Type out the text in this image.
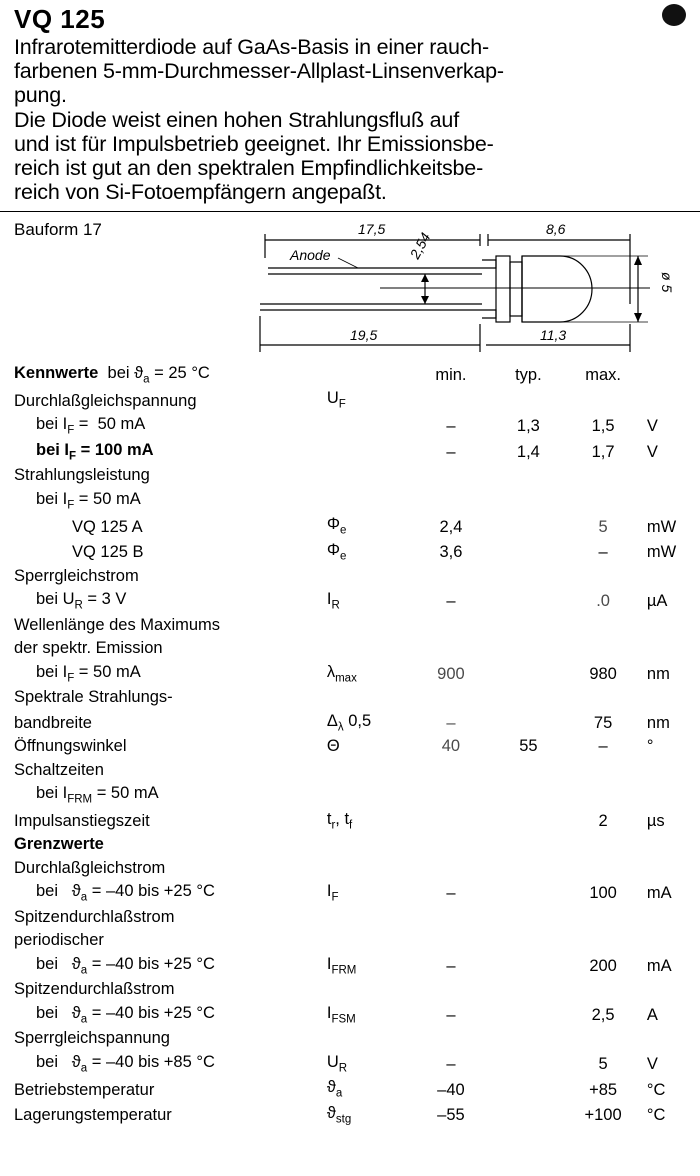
VQ 125

Infrarotemitterdiode auf GaAs-Basis in einer rauch-

farbenen 5-mm-Durchmesser-Allplast-Linsenverkap-

pung.

Die Diode weist einen hohen Strahlungsfluß auf

und ist für Impulsbetrieb geeignet. Ihr Emissionsbe-

reich ist gut an den spektralen Empfindlichkeitsbe-

reich von Si-Fotoempfängern angepaßt.

Bauform 17	17,5	8,6
Anode	2,54
ø 5
19,5	11,3
Kennwerte bei $ϑ_a = 25$ °C		min.	typ.	max.	
Durchlaßgleichspannung	$U_F$				
bei $I_F = 50$ mA		–	1,3	1,5	V
bei $I_F = 100$ mA		–	1,4	1,7	V
Strahlungsleistung					
bei $I_F = 50$ mA					
VQ 125 A	$\Phi_e$	2,4		5	mW
VQ 125 B	$\Phi_e$	3,6		–	mW
Sperrgleichstrom					
bei $U_R = 3$ V	$I_R$	–		.0	µA
Wellenlänge des Maximums					
der spektr. Emission					
bei $I_F = 50$ mA	$\lambda_{max}$	900		980	nm
Spektrale Strahlungs-					
bandbreite	$\Delta_\lambda$ 0,5	–		75	nm
Öffnungswinkel	Θ	40	55	–	°
Schaltzeiten					
bei $I_{FRM} = 50$ mA					
Impulsanstiegszeit	$t_r$, $t_f$			2	µs
Grenzwerte					
Durchlaßgleichstrom					
bei   $ϑ_a = -40$ bis +25 °C	$I_F$	–		100	mA
Spitzendurchlaßstrom					
periodischer					
bei   $ϑ_a = -40$ bis +25 °C	$I_{FRM}$	–		200	mA
Spitzendurchlaßstrom					
bei   $ϑ_a = -40$ bis +25 °C	$I_{FSM}$	–		2,5	A
Sperrgleichspannung					
bei   $ϑ_a = -40$ bis +85 °C	$U_R$	–		5	V
Betriebstemperatur	$ϑ_a$	–40		+85	°C
Lagerungstemperatur	$ϑ_{stg}$	–55		+100	°C
